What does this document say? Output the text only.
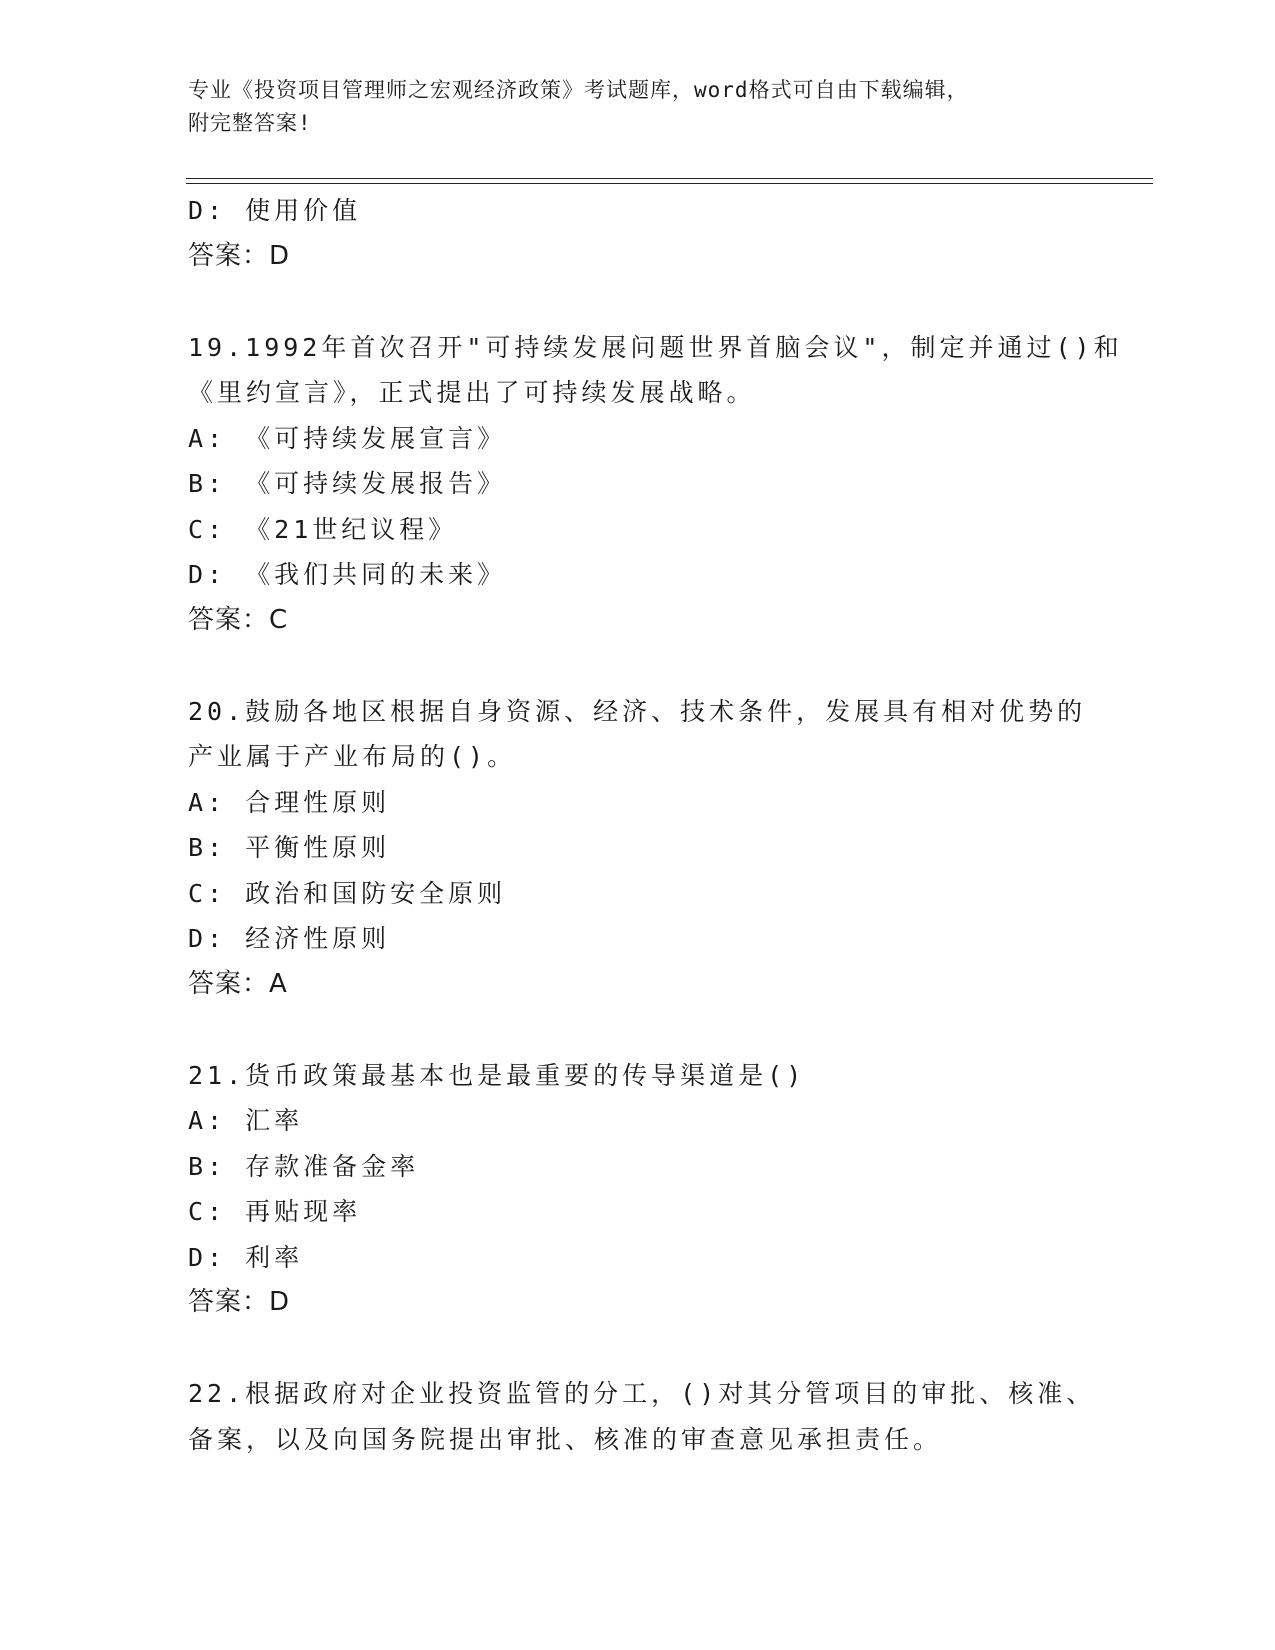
专业《投资项目管理师之宏观经济政策》考试题库，word格式可自由下载编辑，
附完整答案!
D: 使用价值
答案：D
19.1992年首次召开"可持续发展问题世界首脑会议"，制定并通过()和
《里约宣言》，正式提出了可持续发展战略。
A: 《可持续发展宣言》
B: 《可持续发展报告》
C: 《21世纪议程》
D: 《我们共同的未来》
答案：C
20.鼓励各地区根据自身资源、经济、技术条件，发展具有相对优势的
产业属于产业布局的()。
A: 合理性原则
B: 平衡性原则
C: 政治和国防安全原则
D: 经济性原则
答案：A
21.货币政策最基本也是最重要的传导渠道是()
A: 汇率
B: 存款准备金率
C: 再贴现率
D: 利率
答案：D
22.根据政府对企业投资监管的分工，()对其分管项目的审批、核准、
备案，以及向国务院提出审批、核准的审查意见承担责任。
